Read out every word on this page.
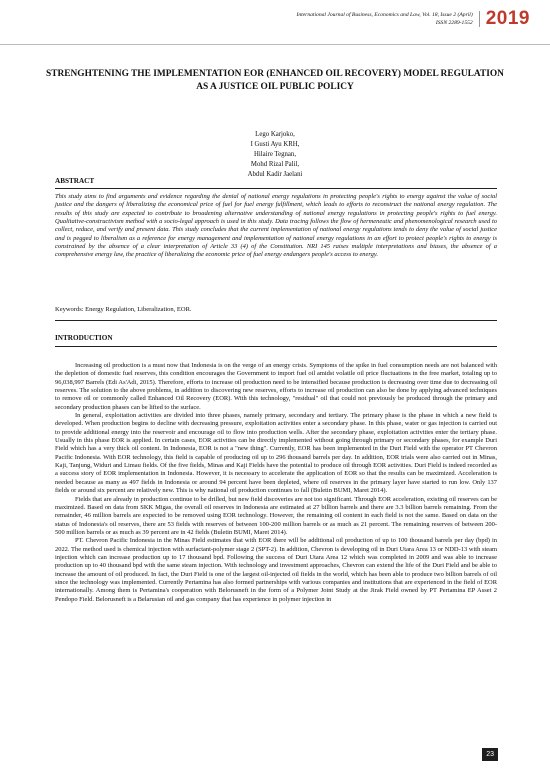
International Journal of Business, Economics and Law, Vol. 18, Issue 2 (April)
ISSN 2289-1552 2019
STRENGHTENING THE IMPLEMENTATION EOR (ENHANCED OIL RECOVERY) MODEL REGULATION AS A JUSTICE OIL PUBLIC POLICY
Lego Karjoko,
I Gusti Ayu KRH,
Hilaire Tegnan,
Mohd Rizal Palil,
Abdul Kadir Jaelani
ABSTRACT

This study aims to find arguments and evidence regarding the denial of national energy regulations in protecting people's rights to energy against the value of social justice and the dangers of liberalizing the economical price of fuel for fuel energy fulfillment, which leads to efforts to reconstruct the national energy regulation. The results of this study are expected to contribute to broadening alternative understanding of national energy regulations in protecting people's rights to fuel energy. Qualitative-constructivism method with a socio-legal approach is used in this study. Data tracing follows the flow of hermeneutic and phenomenological research used to collect, reduce, and verify and present data. This study concludes that the current implementation of national energy regulations tends to deny the value of social justice and is pegged to liberalism as a reference for energy management and implementation of national energy regulations in an effort to protect people's rights to energy is constrained by the absence of a clear interpretation of Article 33 (4) of the Constitution. NRI 145 raises multiple interpretations and biases, the absence of a comprehensive energy law, the practice of liberalizing the economic price of fuel energy endangers people's access to energy.

Keywords: Energy Regulation, Liberalization, EOR.
INTRODUCTION

Increasing oil production is a must now that Indonesia is on the verge of an energy crisis. Symptoms of the spike in fuel consumption needs are not balanced with the depletion of domestic fuel reserves, this condition encourages the Government to import fuel oil amidst volatile oil price fluctuations in the free market, totaling up to 96,038,997 Barrels (Edi As'Adi, 2015). Therefore, efforts to increase oil production need to be intensified because production is decreasing over time due to decreasing oil reserves. The solution to the above problems, in addition to discovering new reserves, efforts to increase oil production can also be done by applying advanced techniques to remove oil or commonly called Enhanced Oil Recovery (EOR). With this technology, "residual" oil that could not previously be produced through the primary and secondary production phases can be lifted to the surface.

In general, exploitation activities are divided into three phases, namely primary, secondary and tertiary. The primary phase is the phase in which a new field is developed. When production begins to decline with decreasing pressure, exploitation activities enter a secondary phase. In this phase, water or gas injection is carried out to provide additional energy into the reservoir and encourage oil to flow into production wells. After the secondary phase, exploitation activities enter the tertiary phase. Usually in this phase EOR is applied. In certain cases, EOR activities can be directly implemented without going through primary or secondary phases, for example Duri Field which has a very thick oil content. In Indonesia, EOR is not a "new thing". Currently, EOR has been implemented in the Duri Field with the operator PT Chevron Pacific Indonesia. With EOR technology, this field is capable of producing oil up to 296 thousand barrels per day. In addition, EOR trials were also carried out in Minas, Kaji, Tanjung, Widuri and Limau fields. Of the five fields, Minas and Kaji Fields have the potential to produce oil through EOR activities. Duri Field is indeed recorded as a success story of EOR implementation in Indonesia. However, it is necessary to accelerate the application of EOR so that the results can be maximized. Acceleration is needed because as many as 497 fields in Indonesia or around 94 percent have been depleted, where oil reserves in the primary layer have started to run low. Only 137 fields or around six percent are relatively new. This is why national oil production continues to fall (Buletin BUMI, Maret 2014).

Fields that are already in production continue to be drilled, but new field discoveries are not too significant. Through EOR acceleration, existing oil reserves can be maximized. Based on data from SKK Migas, the overall oil reserves in Indonesia are estimated at 27 billion barrels and there are 3.3 billion barrels remaining. From the remainder, 46 million barrels are expected to be removed using EOR technology. However, the remaining oil content in each field is not the same. Based on data on the status of Indonesia's oil reserves, there are 53 fields with reserves of between 100-200 million barrels or as much as 21 percent. The remaining reserves of between 200-500 million barrels or as much as 39 percent are in 42 fields (Buletin BUMI, Maret 2014).

PT. Chevron Pacific Indonesia in the Minas Field estimates that with EOR there will be additional oil production of up to 100 thousand barrels per day (bpd) in 2022. The method used is chemical injection with surfactant-polymer stage 2 (SPT-2). In addition, Chevron is developing oil in Duri Utara Area 13 or NDD-13 with steam injection which can increase production up to 17 thousand bpd. Following the success of Duri Utara Area 12 which was completed in 2009 and was able to increase production up to 40 thousand bpd with the same steam injection. With technology and investment approaches, Chevron can extend the life of the Duri Field and be able to increase the amount of oil produced. In fact, the Duri Field is one of the largest oil-injected oil fields in the world, which has been able to produce two billion barrels of oil since the technology was implemented. Currently Pertamina has also formed partnerships with various companies and institutions that are experienced in the field of EOR internationally. Among them is Pertamina's cooperation with Belorusneft in the form of a Polymer Joint Study at the Jirak Field owned by PT Pertamina EP Asset 2 Pendopo Field. Belorusneft is a Belarusian oil and gas company that has experience in polymer injection in

23
